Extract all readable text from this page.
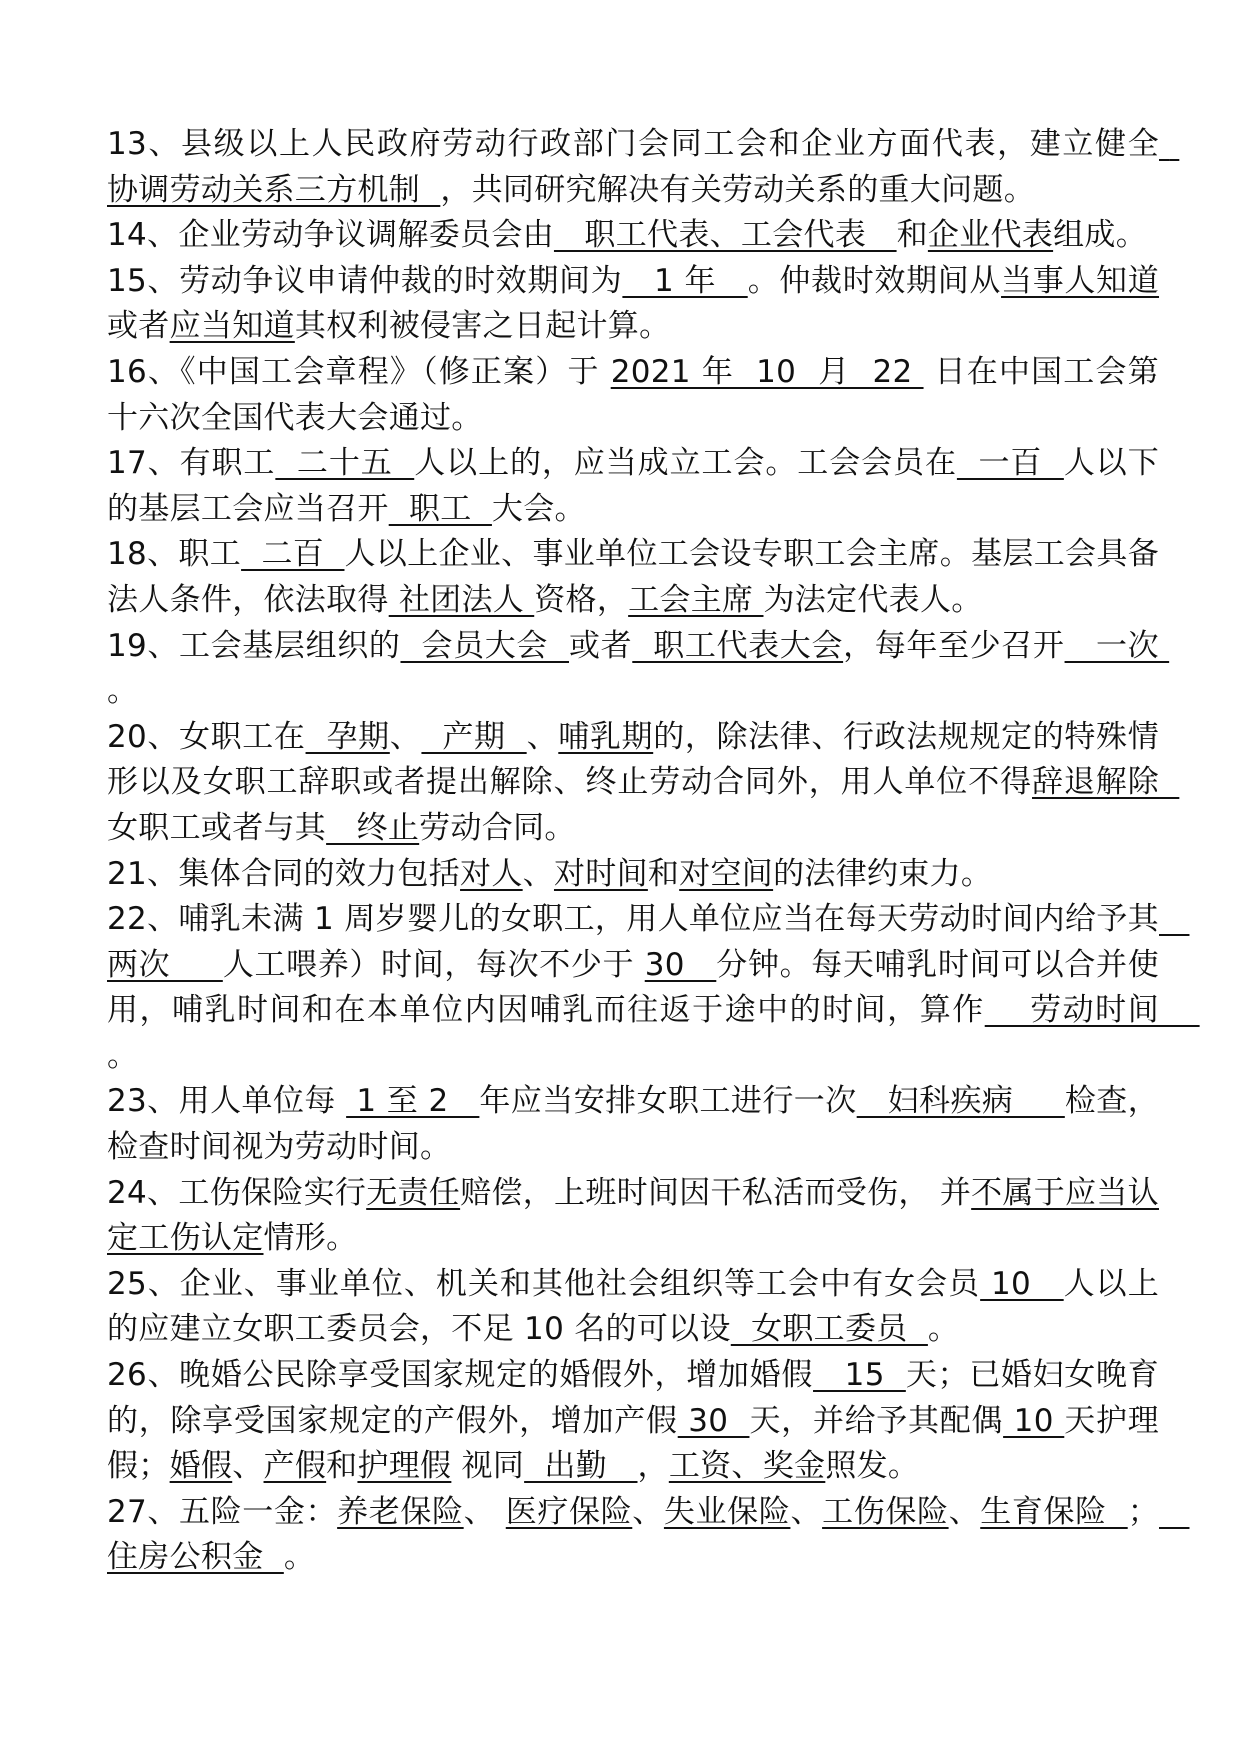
13、县级以上人民政府劳动行政部门会同工会和企业方面代表，建立健全  协调劳动关系三方机制  ，共同研究解决有关劳动关系的重大问题。

14、企业劳动争议调解委员会由   职工代表、工会代表   和企业代表组成。

15、劳动争议申请仲裁的时效期间为   1 年   。仲裁时效期间从当事人知道或者应当知道其权利被侵害之日起计算。

16、《中国工会章程》（修正案）于 2021 年  10  月  22  日在中国工会第十六次全国代表大会通过。

17、有职工  二十五  人以上的，应当成立工会。工会会员在  一百  人以下的基层工会应当召开  职工  大会。

18、职工  二百  人以上企业、事业单位工会设专职工会主席。基层工会具备法人条件，依法取得 社团法人 资格，工会主席 为法定代表人。

19、工会基层组织的  会员大会  或者  职工代表大会，每年至少召开   一次 。

20、女职工在  孕期、  产期  、哺乳期的，除法律、行政法规规定的特殊情形以及女职工辞职或者提出解除、终止劳动合同外，用人单位不得辞退解除  女职工或者与其   终止劳动合同。

21、集体合同的效力包括对人、对时间和对空间的法律约束力。

22、哺乳未满 1 周岁婴儿的女职工，用人单位应当在每天劳动时间内给予其   两次     人工喂养）时间，每次不少于 30   分钟。每天哺乳时间可以合并使用，哺乳时间和在本单位内因哺乳而往返于途中的时间，算作    劳动时间    。

23、用人单位每  1 至 2   年应当安排女职工进行一次   妇科疾病     检查，检查时间视为劳动时间。

24、工伤保险实行无责任赔偿，上班时间因干私活而受伤， 并不属于应当认定工伤认定情形。

25、企业、事业单位、机关和其他社会组织等工会中有女会员 10   人以上的应建立女职工委员会，不足 10 名的可以设  女职工委员  。

26、晚婚公民除享受国家规定的婚假外，增加婚假   15  天；已婚妇女晚育的，除享受国家规定的产假外，增加产假 30  天，并给予其配偶 10 天护理假；婚假、产假和护理假 视同  出勤   ，工资、奖金照发。

27、五险一金：养老保险、 医疗保险、失业保险、工伤保险、生育保险  ；   住房公积金  。
